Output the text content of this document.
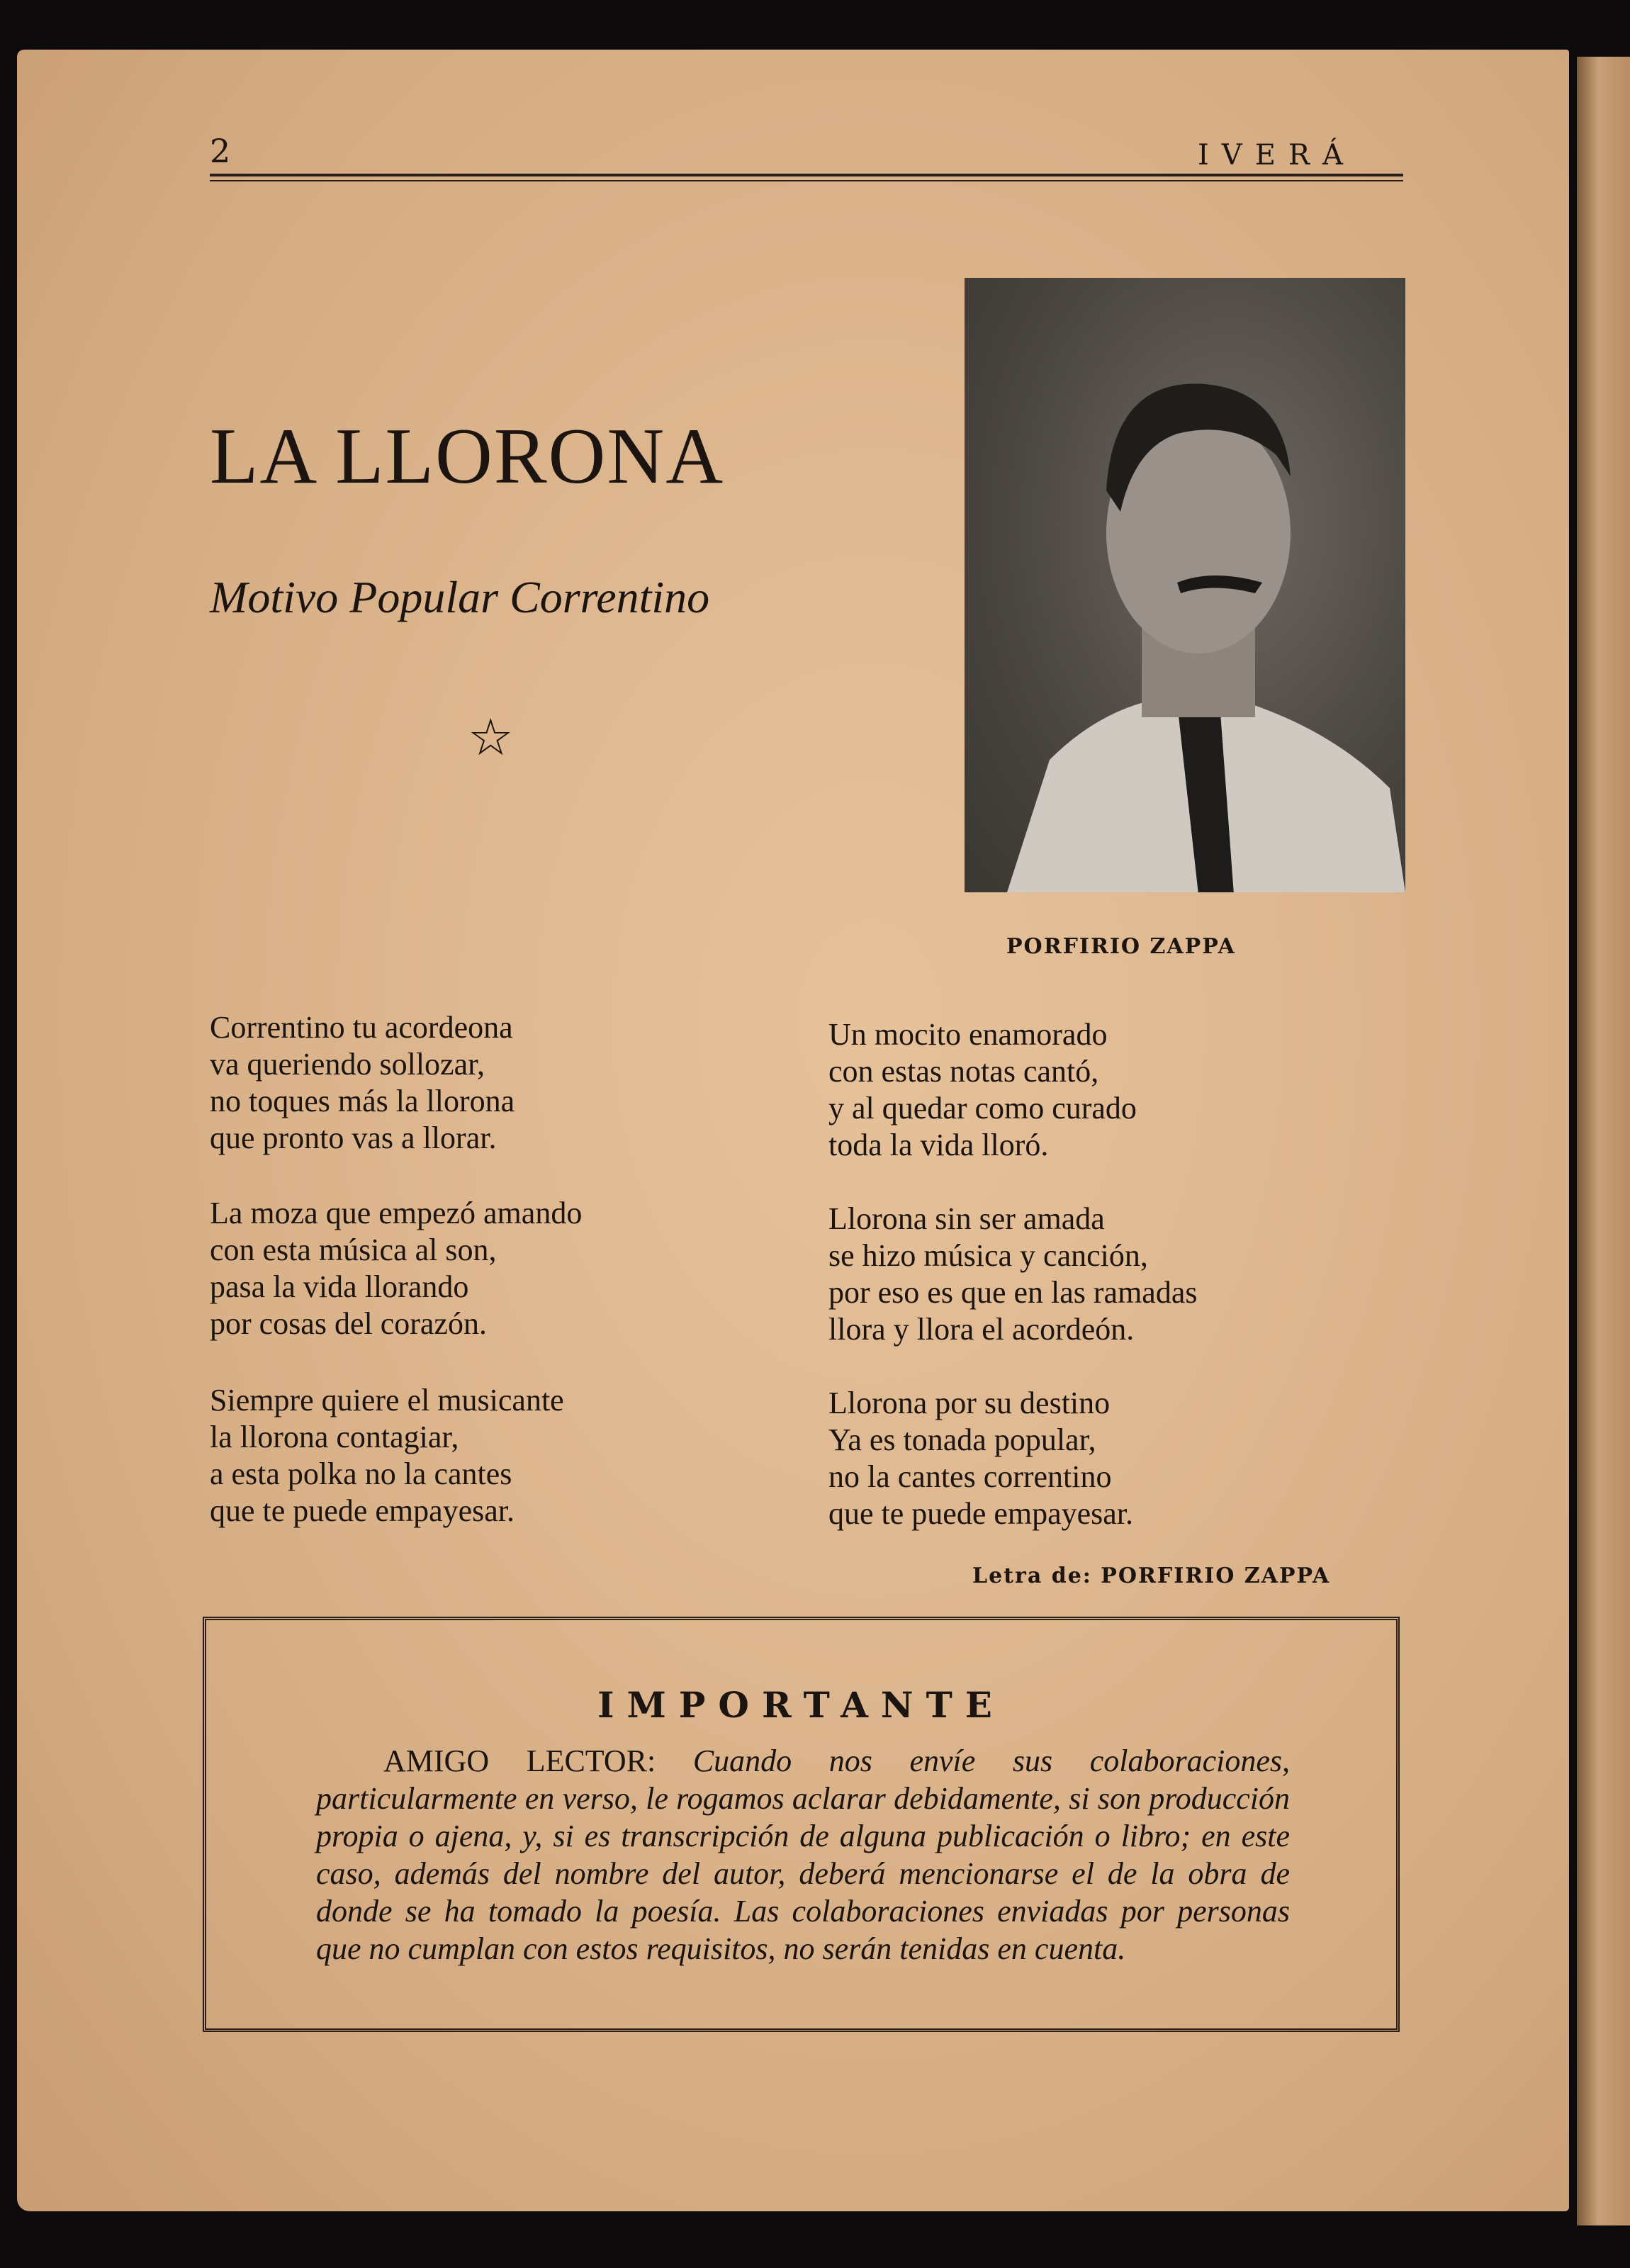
2	IVERÁ
LA LLORONA
Motivo Popular Correntino
☆
PORFIRIO ZAPPA
Correntino tu acordeona
va queriendo sollozar,
no toques más la llorona
que pronto vas a llorar.
La moza que empezó amando
con esta música al son,
pasa la vida llorando
por cosas del corazón.
Siempre quiere el musicante
la llorona contagiar,
a esta polka no la cantes
que te puede empayesar.
Un mocito enamorado
con estas notas cantó,
y al quedar como curado
toda la vida lloró.
Llorona sin ser amada
se hizo música y canción,
por eso es que en las ramadas
llora y llora el acordeón.
Llorona por su destino
Ya es tonada popular,
no la cantes correntino
que te puede empayesar.
Letra de: PORFIRIO ZAPPA
IMPORTANTE
AMIGO LECTOR: Cuando nos envíe sus colaboraciones, particularmente en verso, le rogamos aclarar debidamente, si son producción propia o ajena, y, si es transcripción de alguna publicación o libro; en este caso, además del nombre del autor, deberá mencionarse el de la obra de donde se ha tomado la poesía. Las colaboraciones enviadas por personas que no cumplan con estos requisitos, no serán tenidas en cuenta.
